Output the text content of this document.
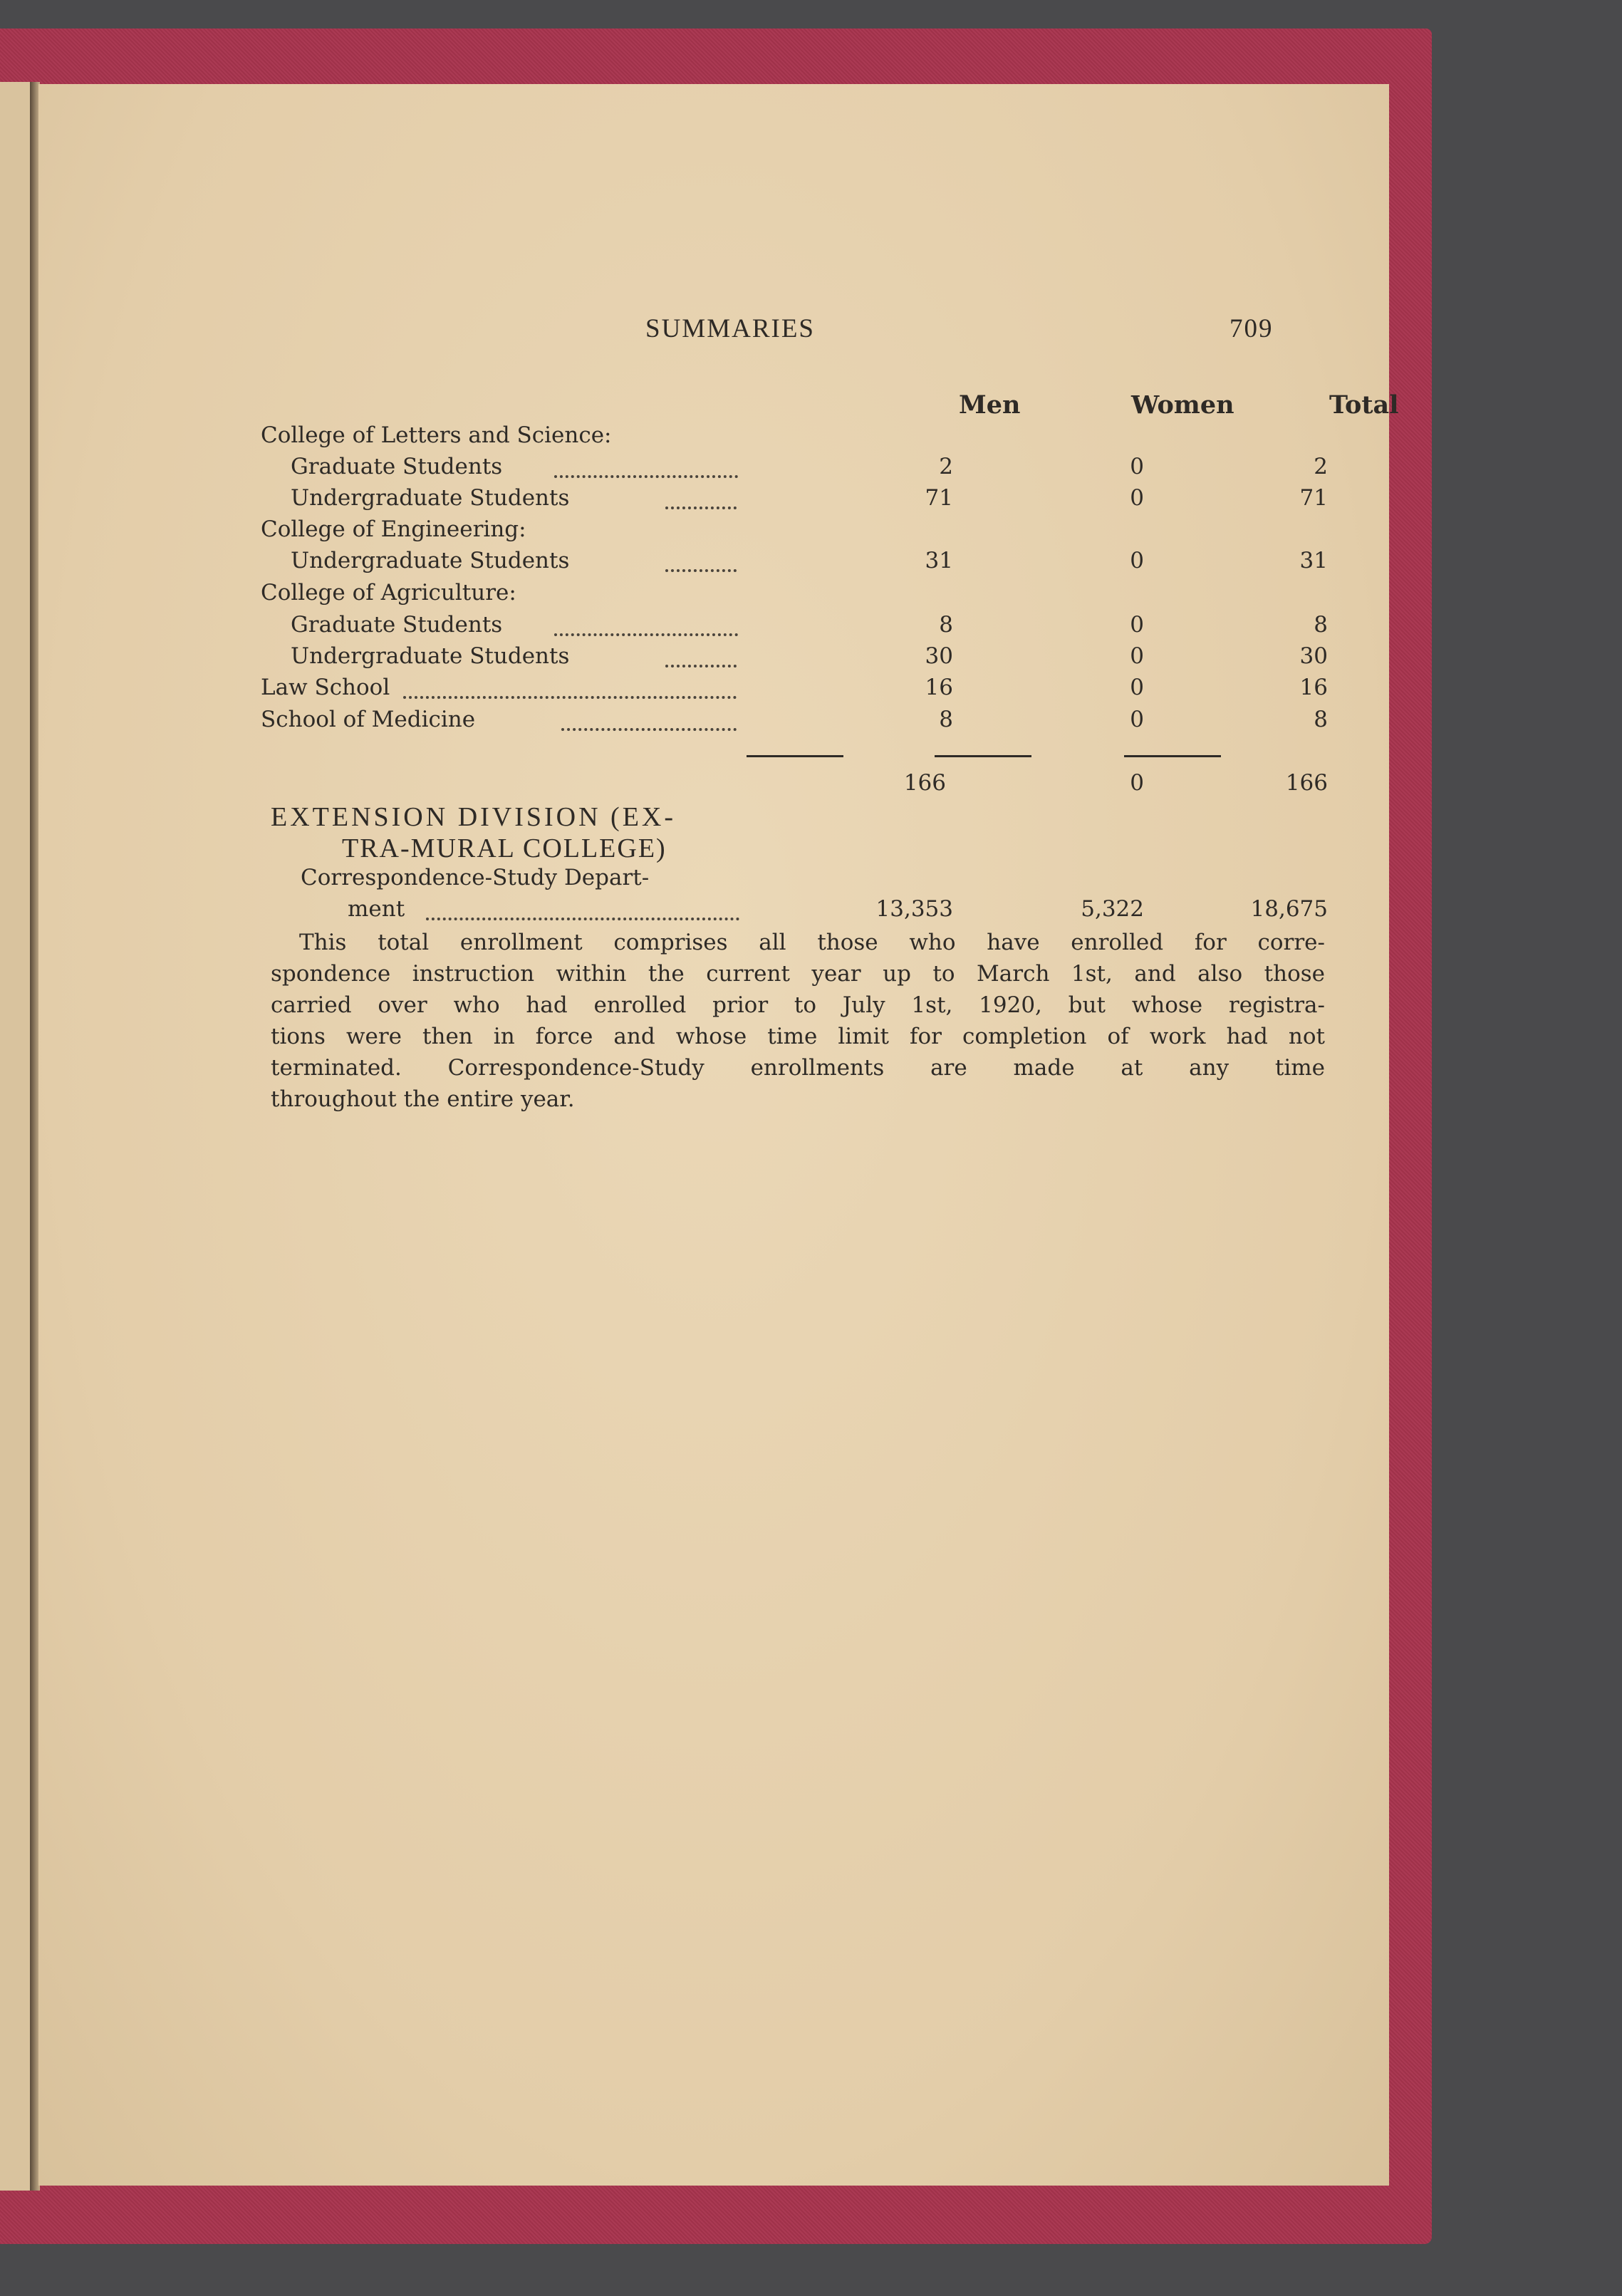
SUMMARIES	709
Men	Women	Total
College of Letters and Science:
Graduate Students	2	0	2
Undergraduate Students	71	0	71
College of Engineering:
Undergraduate Students	31	0	31
College of Agriculture:
Graduate Students	8	0	8
Undergraduate Students	30	0	30
Law School	16	0	16
School of Medicine	8	0	8
166	0	166
EXTENSION DIVISION (EX-
TRA-MURAL COLLEGE)
Correspondence-Study Depart-
ment	13,353	5,322	18,675
This total enrollment comprises all those who have enrolled for corre-
spondence instruction within the current year up to March 1st, and also those
carried over who had enrolled prior to July 1st, 1920, but whose registra-
tions were then in force and whose time limit for completion of work had not
terminated. Correspondence-Study enrollments are made at any time
throughout the entire year.
